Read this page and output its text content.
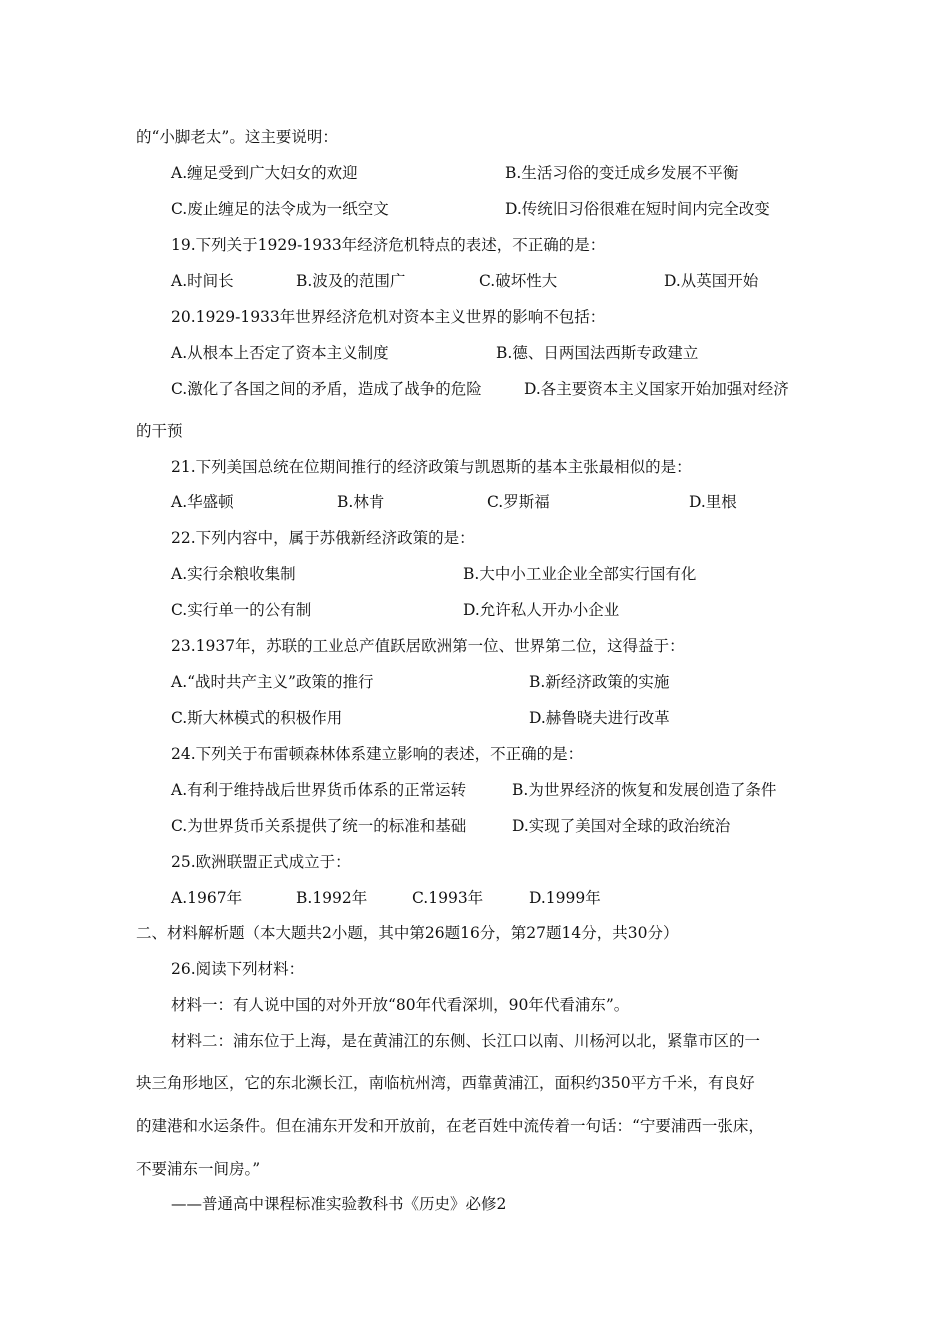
的“小脚老太”。这主要说明：
A.缠足受到广大妇女的欢迎	B.生活习俗的变迁成乡发展不平衡
C.废止缠足的法令成为一纸空文	D.传统旧习俗很难在短时间内完全改变
19.下列关于1929-1933年经济危机特点的表述，不正确的是：
A.时间长	B.波及的范围广	C.破坏性大	D.从英国开始
20.1929-1933年世界经济危机对资本主义世界的影响不包括：
A.从根本上否定了资本主义制度	B.德、日两国法西斯专政建立
C.激化了各国之间的矛盾，造成了战争的危险	D.各主要资本主义国家开始加强对经济
的干预
21.下列美国总统在位期间推行的经济政策与凯恩斯的基本主张最相似的是：
A.华盛顿	B.林肯	C.罗斯福	D.里根
22.下列内容中，属于苏俄新经济政策的是：
A.实行余粮收集制	B.大中小工业企业全部实行国有化
C.实行单一的公有制	D.允许私人开办小企业
23.1937年，苏联的工业总产值跃居欧洲第一位、世界第二位，这得益于：
A.“战时共产主义”政策的推行	B.新经济政策的实施
C.斯大林模式的积极作用	D.赫鲁晓夫进行改革
24.下列关于布雷顿森林体系建立影响的表述，不正确的是：
A.有利于维持战后世界货币体系的正常运转	B.为世界经济的恢复和发展创造了条件
C.为世界货币关系提供了统一的标准和基础	D.实现了美国对全球的政治统治
25.欧洲联盟正式成立于：
A.1967年	B.1992年	C.1993年	D.1999年
二、材料解析题（本大题共2小题，其中第26题16分，第27题14分，共30分）
26.阅读下列材料：
材料一：有人说中国的对外开放“80年代看深圳，90年代看浦东”。
材料二：浦东位于上海，是在黄浦江的东侧、长江口以南、川杨河以北，紧靠市区的一
块三角形地区，它的东北濒长江，南临杭州湾，西靠黄浦江，面积约350平方千米，有良好
的建港和水运条件。但在浦东开发和开放前，在老百姓中流传着一句话：“宁要浦西一张床，
不要浦东一间房。”
——普通高中课程标准实验教科书《历史》必修2
